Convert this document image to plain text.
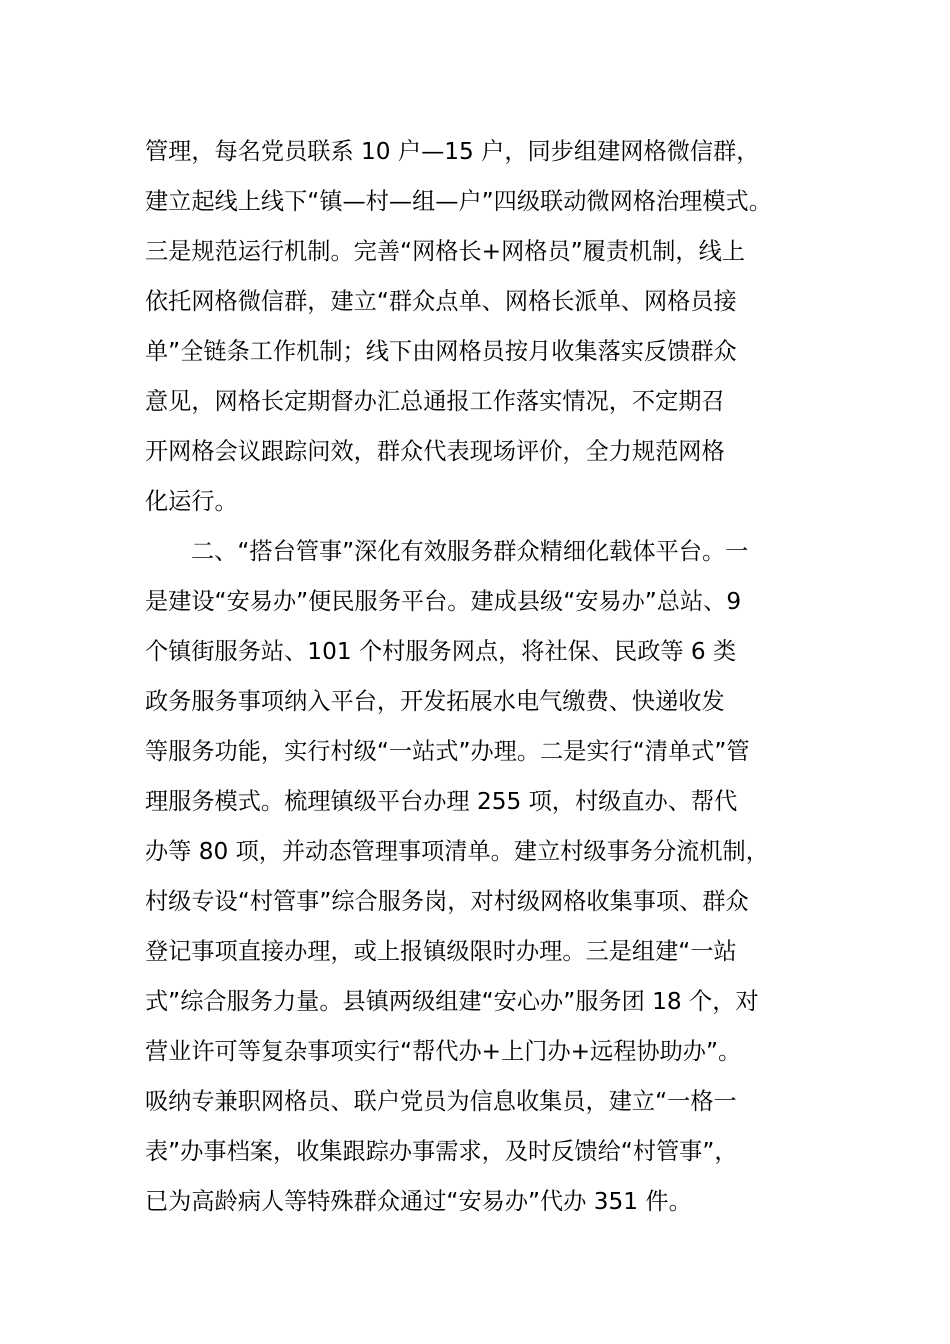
管理，每名党员联系 10 户—15 户，同步组建网格微信群，
建立起线上线下“镇—村—组—户”四级联动微网格治理模式。
三是规范运行机制。完善“网格长+网格员”履责机制，线上
依托网格微信群，建立“群众点单、网格长派单、网格员接
单”全链条工作机制；线下由网格员按月收集落实反馈群众
意见，网格长定期督办汇总通报工作落实情况，不定期召
开网格会议跟踪问效，群众代表现场评价，全力规范网格
化运行。
二、“搭台管事”深化有效服务群众精细化载体平台。一
是建设“安易办”便民服务平台。建成县级“安易办”总站、9
个镇街服务站、101 个村服务网点，将社保、民政等 6 类
政务服务事项纳入平台，开发拓展水电气缴费、快递收发
等服务功能，实行村级“一站式”办理。二是实行“清单式”管
理服务模式。梳理镇级平台办理 255 项，村级直办、帮代
办等 80 项，并动态管理事项清单。建立村级事务分流机制，
村级专设“村管事”综合服务岗，对村级网格收集事项、群众
登记事项直接办理，或上报镇级限时办理。三是组建“一站
式”综合服务力量。县镇两级组建“安心办”服务团 18 个，对
营业许可等复杂事项实行“帮代办+上门办+远程协助办”。
吸纳专兼职网格员、联户党员为信息收集员，建立“一格一
表”办事档案，收集跟踪办事需求，及时反馈给“村管事”，
已为高龄病人等特殊群众通过“安易办”代办 351 件。
